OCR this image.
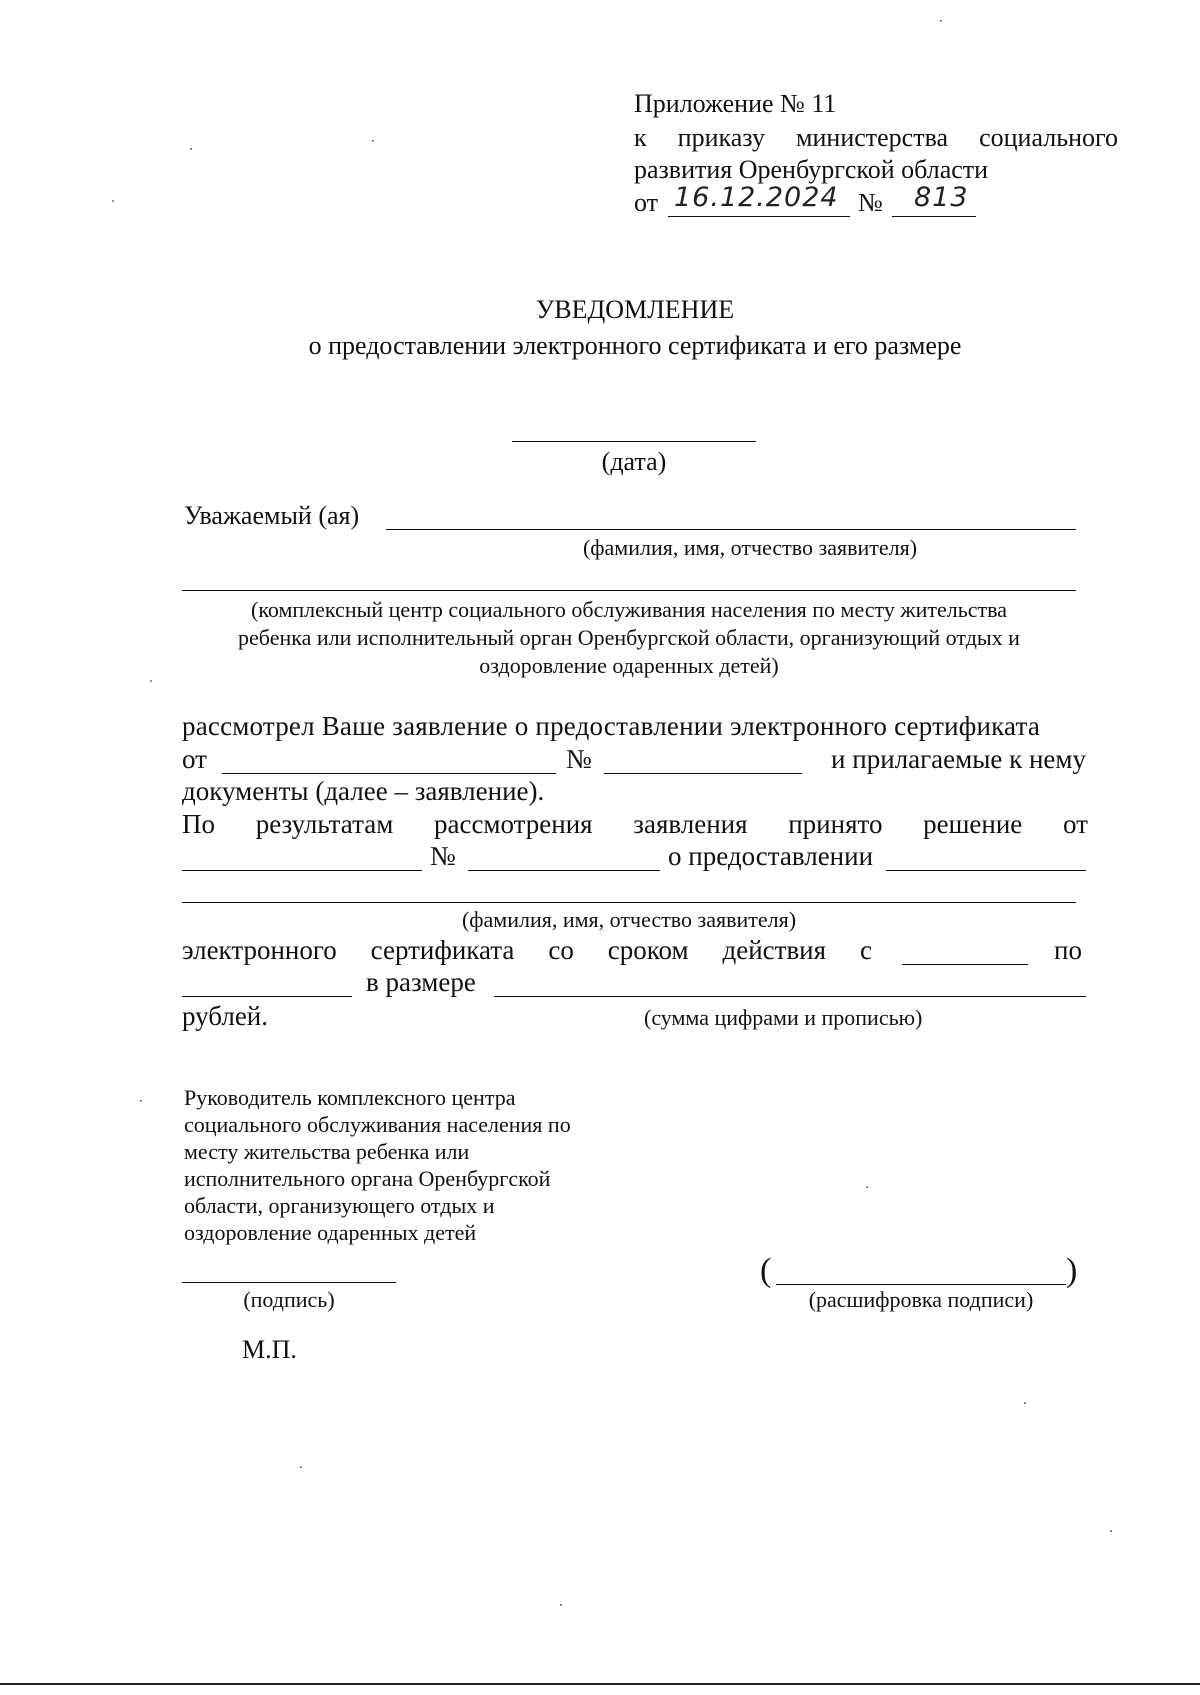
Приложение № 11
к приказу министерства социального
развития Оренбургской области
от 16.12.2024 № 813
УВЕДОМЛЕНИЕ
о предоставлении электронного сертификата и его размере
(дата)
Уважаемый (ая)
(фамилия, имя, отчество заявителя)
(комплексный центр социального обслуживания населения по месту жительства
ребенка или исполнительный орган Оренбургской области, организующий отдых и
оздоровление одаренных детей)
рассмотрел Ваше заявление о предоставлении электронного сертификата
от	№	и прилагаемые к нему
документы (далее – заявление).
По результатам рассмотрения заявления принято решение от
№	о предоставлении
(фамилия, имя, отчество заявителя)
электронного сертификата со сроком действия с	по
в размере
рублей.	(сумма цифрами и прописью)
Руководитель комплексного центра
социального обслуживания населения по
месту жительства ребенка или
исполнительного органа Оренбургской
области, организующего отдых и
оздоровление одаренных детей
(подпись)
(	)
(расшифровка подписи)
М.П.
